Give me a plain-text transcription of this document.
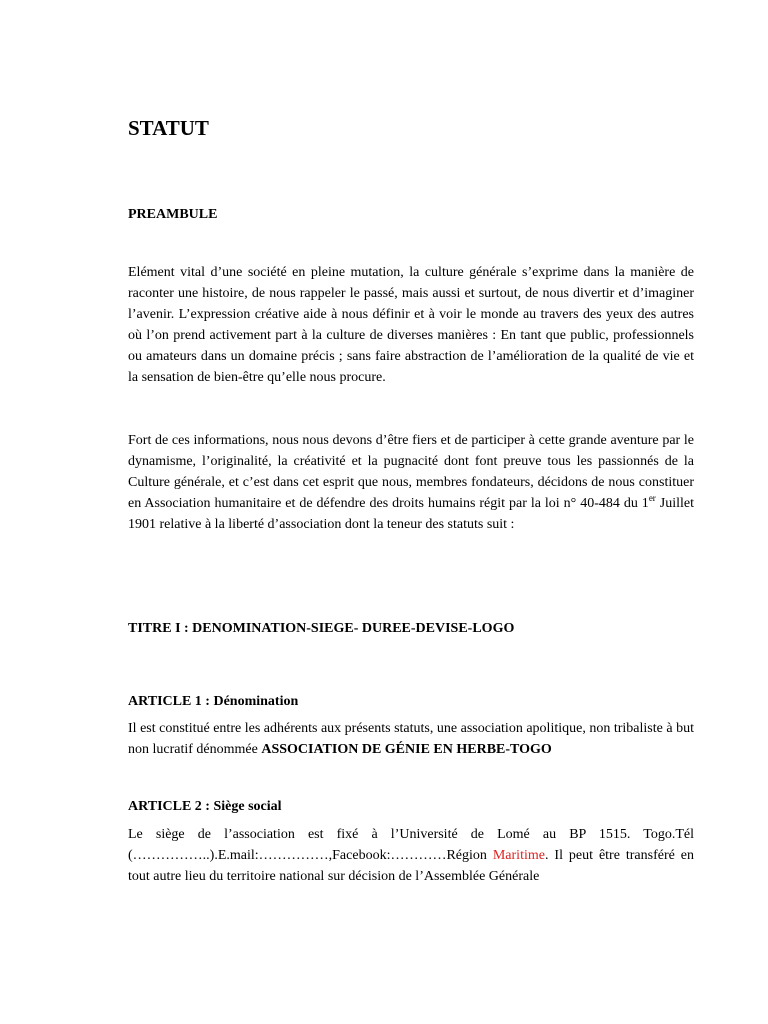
STATUT
PREAMBULE

Elément vital d’une société en pleine mutation, la culture générale s’exprime dans la manière de raconter une histoire, de nous rappeler le passé, mais aussi et surtout, de nous divertir et d’imaginer l’avenir. L’expression créative aide à nous définir et à voir le monde au travers des yeux des autres où l’on prend activement part à la culture de diverses manières : En tant que public, professionnels ou amateurs dans un domaine précis ; sans faire abstraction de l’amélioration de la qualité de vie et la sensation de bien-être qu’elle nous procure.

Fort de ces informations, nous nous devons d’être fiers et de participer à cette grande aventure par le dynamisme, l’originalité, la créativité et la pugnacité dont font preuve tous les passionnés de la Culture générale, et c’est dans cet esprit que nous, membres fondateurs, décidons de nous constituer en Association humanitaire et de défendre des droits humains régit par la loi n° 40-484 du 1er Juillet 1901 relative à la liberté d’association dont la teneur des statuts suit :

TITRE I : DENOMINATION-SIEGE- DUREE-DEVISE-LOGO
ARTICLE 1 : Dénomination

Il est constitué entre les adhérents aux présents statuts, une association apolitique, non tribaliste à but non lucratif dénommée ASSOCIATION DE GÉNIE EN HERBE-TOGO

ARTICLE 2 : Siège social

Le siège de l’association est fixé à l’Université de Lomé au BP 1515. Togo.Tél (……………..).E.mail:……………,Facebook:…………Région Maritime. Il peut être transféré en tout autre lieu du territoire national sur décision de l’Assemblée Générale
